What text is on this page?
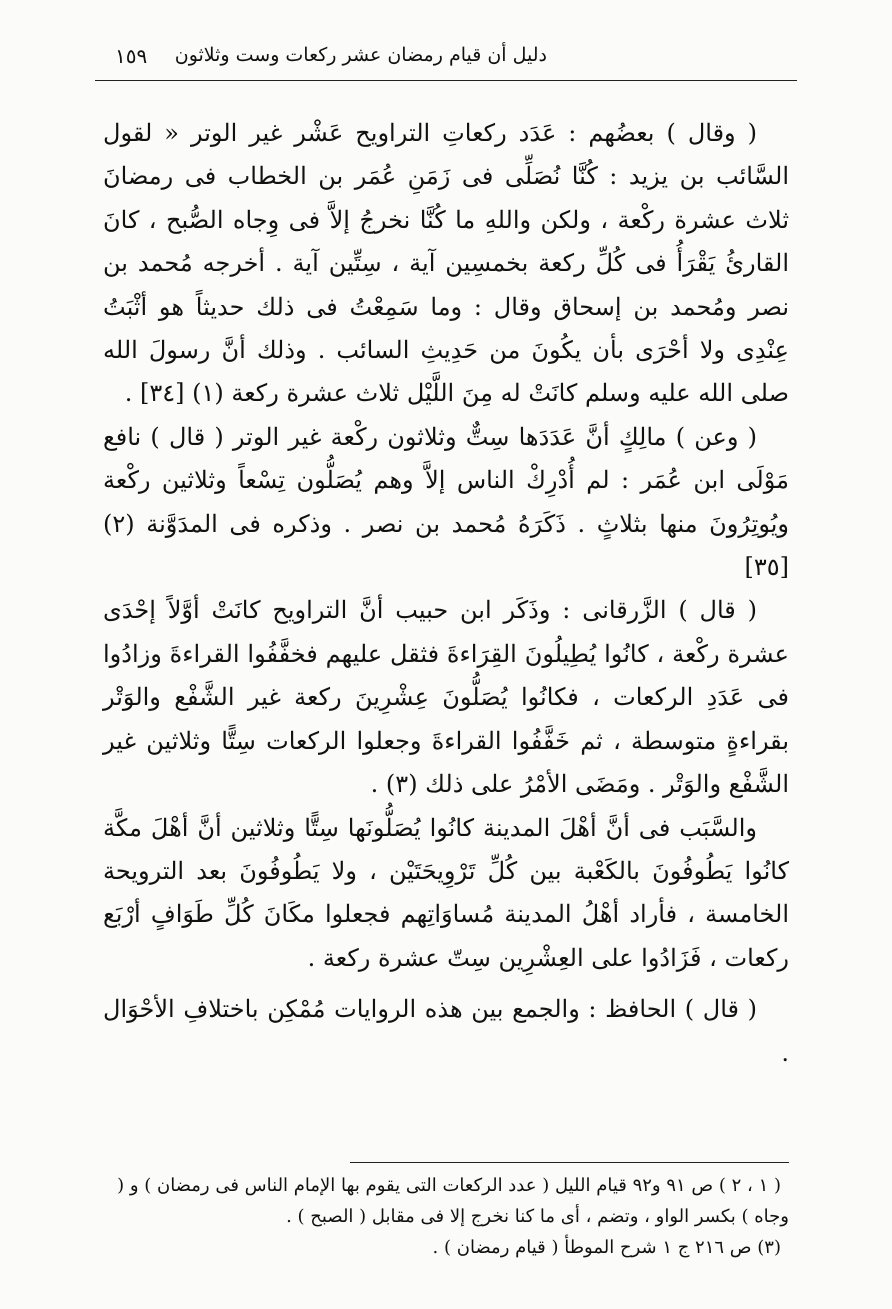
دليل أن قيام رمضان عشر ركعات وست وثلاثون
١٥٩

( وقال ) بعضُهم : عَدَد ركعاتِ التراويح عَشْر غير الوتر « لقول السَّائب بن يزيد : كُنَّا نُصَلِّى فى زَمَنِ عُمَر بن الخطاب فى رمضانَ ثلاث عشرة ركْعة ، ولكن واللهِ ما كُنَّا نخرجُ إلاَّ فى وِجاه الصُّبح ، كانَ القارئُ يَقْرَأُ فى كُلِّ ركعة بخمسِين آية ، سِتِّين آية . أخرجه مُحمد بن نصر ومُحمد بن إسحاق وقال : وما سَمِعْتُ فى ذلك حديثاً هو أثْبَتُ عِنْدِى ولا أحْرَى بأن يكُونَ من حَدِيثِ السائب . وذلك أنَّ رسولَ الله صلى الله عليه وسلم كانَتْ له مِنَ اللَّيْل ثلاث عشرة ركعة (١) [٣٤] .

( وعن ) مالِكٍ أنَّ عَدَدَها سِتٌّ وثلاثون ركْعة غير الوتر ( قال ) نافع مَوْلَى ابن عُمَر : لم أُدْرِكْ الناس إلاَّ وهم يُصَلُّون تِسْعاً وثلاثين ركْعة ويُوتِرُونَ منها بثلاثٍ . ذَكَرَهُ مُحمد بن نصر . وذكره فى المدَوَّنة (٢) [٣٥]

( قال ) الزَّرقانى : وذَكَر ابن حبيب أنَّ التراويح كانَتْ أوَّلاً إحْدَى عشرة ركْعة ، كانُوا يُطِيلُونَ القِرَاءةَ فثقل عليهم فخفَّفُوا القراءةَ وزادُوا فى عَدَدِ الركعات ، فكانُوا يُصَلُّونَ عِشْرِينَ ركعة غير الشَّفْع والوَتْر بقراءةٍ متوسطة ، ثم خَفَّفُوا القراءةَ وجعلوا الركعات سِتًّا وثلاثين غير الشَّفْع والوَتْر . ومَضَى الأمْرُ على ذلك (٣) .

والسَّبَب فى أنَّ أهْلَ المدينة كانُوا يُصَلُّونَها سِتًّا وثلاثين أنَّ أهْلَ مكَّة كانُوا يَطُوفُونَ بالكَعْبة بين كُلِّ تَرْوِيحَتَيْن ، ولا يَطُوفُونَ بعد الترويحة الخامسة ، فأراد أهْلُ المدينة مُساوَاتِهم فجعلوا مكَانَ كُلِّ طَوَافٍ أرْبَع ركعات ، فَزَادُوا على العِشْرِين سِتّ عشرة ركعة .

( قال ) الحافظ : والجمع بين هذه الروايات مُمْكِن باختلافِ الأحْوَال .

( ١ ، ٢ ) ص ٩١ و٩٢ قيام الليل ( عدد الركعات التى يقوم بها الإمام الناس فى رمضان ) و ( وجاه ) بكسر الواو ، وتضم ، أى ما كنا نخرج إلا فى مقابل ( الصبح ) .

(٣) ص ٢١٦ ج ١ شرح الموطأ ( قيام رمضان ) .
